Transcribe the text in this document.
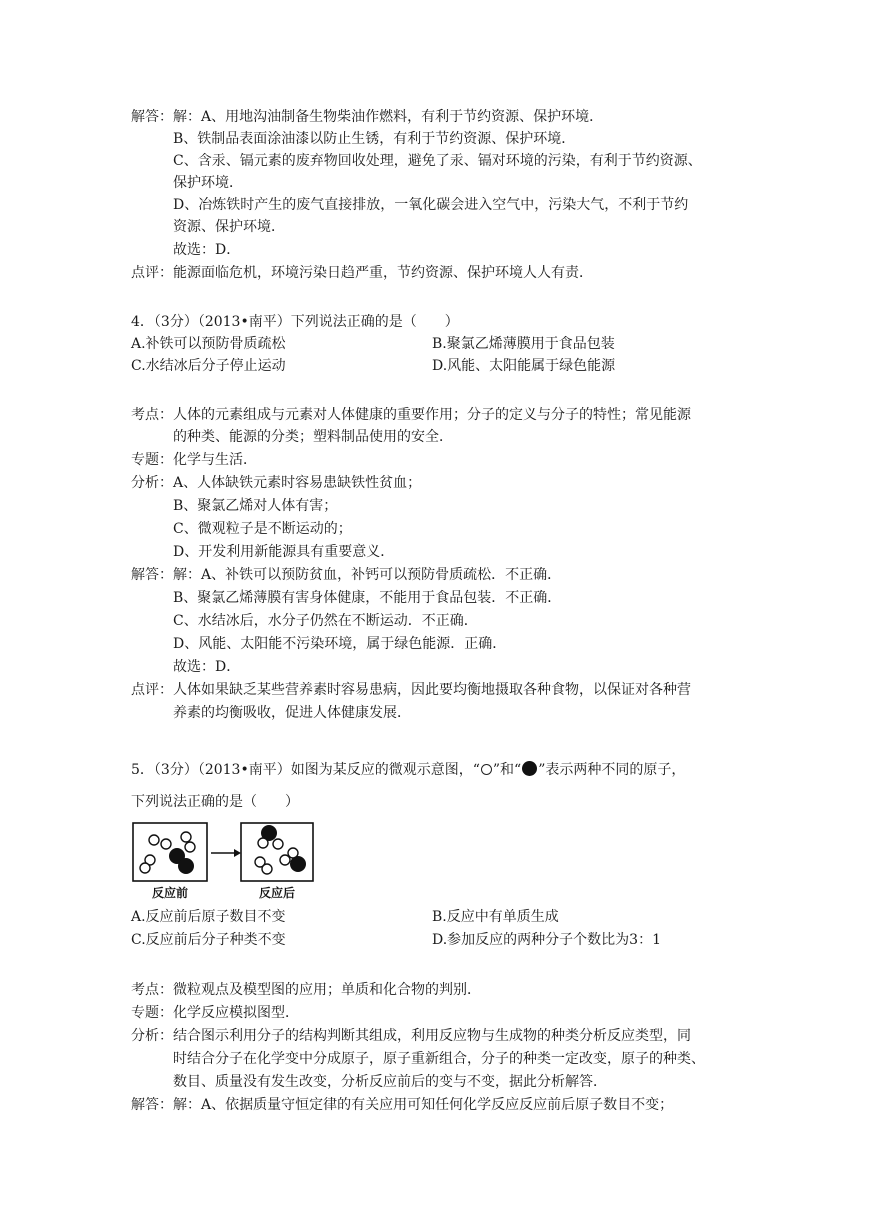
解答：解：A、用地沟油制备生物柴油作燃料，有利于节约资源、保护环境．
B、铁制品表面涂油漆以防止生锈，有利于节约资源、保护环境．
C、含汞、镉元素的废弃物回收处理，避免了汞、镉对环境的污染，有利于节约资源、
保护环境．
D、冶炼铁时产生的废气直接排放，一氧化碳会进入空气中，污染大气，不利于节约
资源、保护环境．
故选：D．
点评：能源面临危机，环境污染日趋严重，节约资源、保护环境人人有责．
4．（3分）（2013•南平）下列说法正确的是（　　）
A.补铁可以预防骨质疏松	B.聚氯乙烯薄膜用于食品包装
C.水结冰后分子停止运动	D.风能、太阳能属于绿色能源
考点：人体的元素组成与元素对人体健康的重要作用；分子的定义与分子的特性；常见能源
的种类、能源的分类；塑料制品使用的安全．
专题：化学与生活．
分析：A、人体缺铁元素时容易患缺铁性贫血；
B、聚氯乙烯对人体有害；
C、微观粒子是不断运动的；
D、开发利用新能源具有重要意义．
解答：解：A、补铁可以预防贫血，补钙可以预防骨质疏松．不正确．
B、聚氯乙烯薄膜有害身体健康，不能用于食品包装．不正确．
C、水结冰后，水分子仍然在不断运动．不正确．
D、风能、太阳能不污染环境，属于绿色能源．正确．
故选：D．
点评：人体如果缺乏某些营养素时容易患病，因此要均衡地摄取各种食物，以保证对各种营
养素的均衡吸收，促进人体健康发展．
5．（3分）（2013•南平）如图为某反应的微观示意图，“ ”和“ ”表示两种不同的原子，
下列说法正确的是（　　）
反应前	反应后
A.反应前后原子数目不变	B.反应中有单质生成
C.反应前后分子种类不变	D.参加反应的两种分子个数比为3：1
考点：微粒观点及模型图的应用；单质和化合物的判别．
专题：化学反应模拟图型．
分析：结合图示利用分子的结构判断其组成，利用反应物与生成物的种类分析反应类型，同
时结合分子在化学变中分成原子，原子重新组合，分子的种类一定改变，原子的种类、
数目、质量没有发生改变，分析反应前后的变与不变，据此分析解答．
解答：解：A、依据质量守恒定律的有关应用可知任何化学反应反应前后原子数目不变；
